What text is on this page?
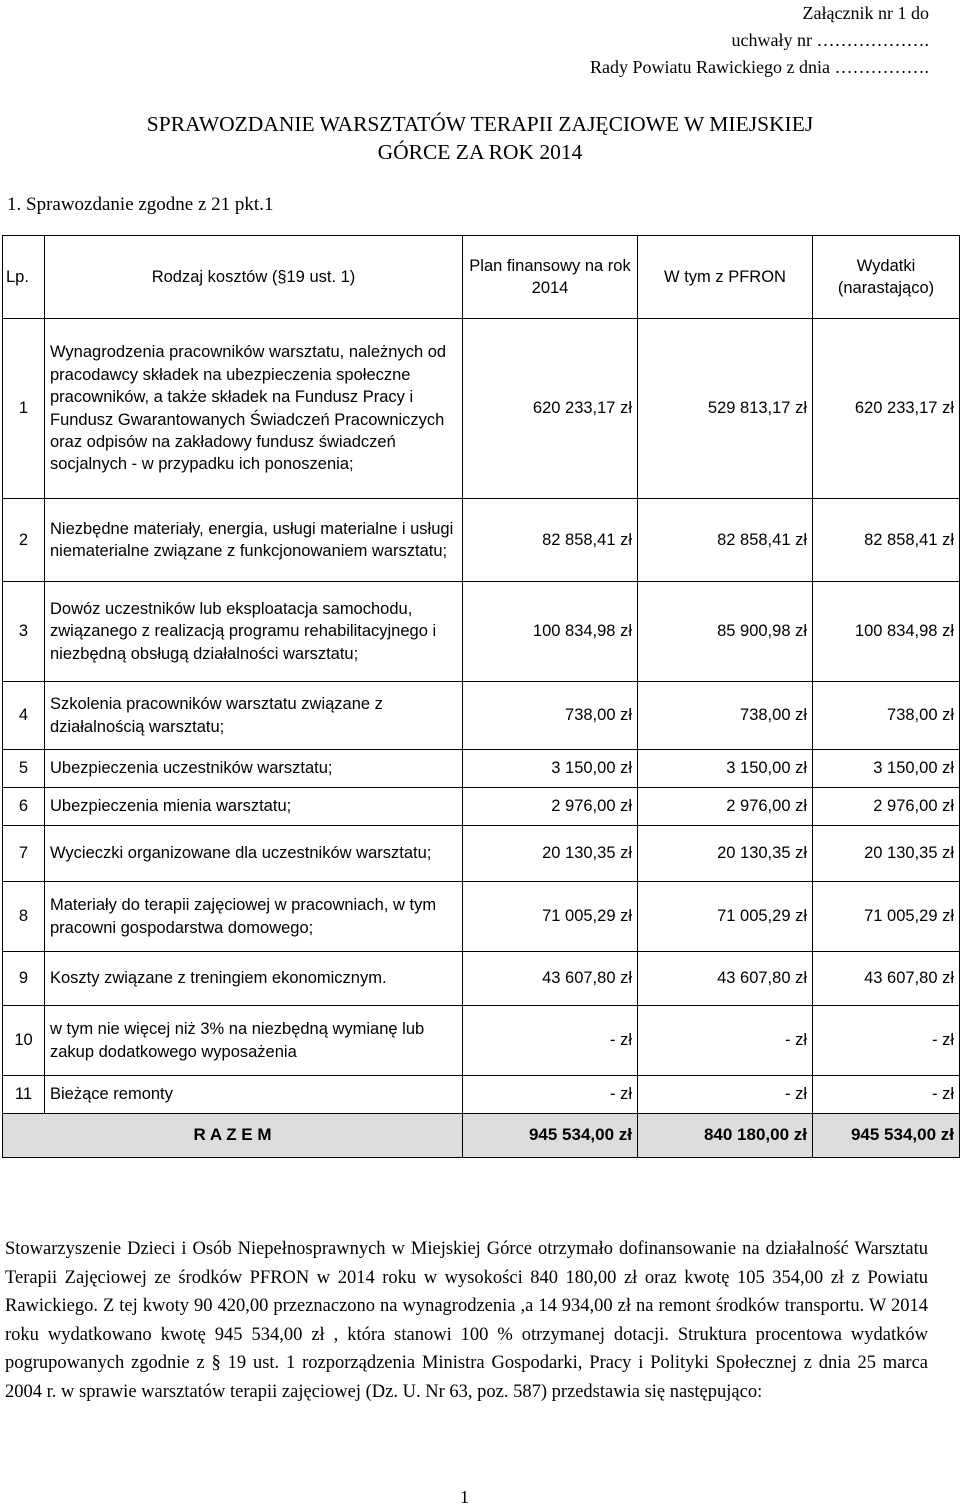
Załącznik nr 1 do
uchwały nr ……………….
Rady Powiatu Rawickiego z dnia …………….
SPRAWOZDANIE WARSZTATÓW TERAPII ZAJĘCIOWE W MIEJSKIEJ
GÓRCE ZA ROK 2014
1. Sprawozdanie zgodne z 21 pkt.1
Lp.	Rodzaj kosztów (§19 ust. 1)	Plan finansowy na rok 2014	W tym z PFRON	Wydatki (narastająco)
1	Wynagrodzenia pracowników warsztatu, należnych od pracodawcy składek na ubezpieczenia społeczne pracowników, a także składek na Fundusz Pracy i Fundusz Gwarantowanych Świadczeń Pracowniczych oraz odpisów na zakładowy fundusz świadczeń socjalnych - w przypadku ich ponoszenia;	620 233,17 zł	529 813,17 zł	620 233,17 zł
2	Niezbędne materiały, energia, usługi materialne i usługi niematerialne związane z funkcjonowaniem warsztatu;	82 858,41 zł	82 858,41 zł	82 858,41 zł
3	Dowóz uczestników lub eksploatacja samochodu, związanego z realizacją programu rehabilitacyjnego i niezbędną obsługą działalności warsztatu;	100 834,98 zł	85 900,98 zł	100 834,98 zł
4	Szkolenia pracowników warsztatu związane z działalnością warsztatu;	738,00 zł	738,00 zł	738,00 zł
5	Ubezpieczenia uczestników warsztatu;	3 150,00 zł	3 150,00 zł	3 150,00 zł
6	Ubezpieczenia mienia warsztatu;	2 976,00 zł	2 976,00 zł	2 976,00 zł
7	Wycieczki organizowane dla uczestników warsztatu;	20 130,35 zł	20 130,35 zł	20 130,35 zł
8	Materiały do terapii zajęciowej w pracowniach, w tym pracowni gospodarstwa domowego;	71 005,29 zł	71 005,29 zł	71 005,29 zł
9	Koszty związane z treningiem ekonomicznym.	43 607,80 zł	43 607,80 zł	43 607,80 zł
10	w tym nie więcej niż 3% na niezbędną wymianę lub zakup dodatkowego wyposażenia	- zł	- zł	- zł
11	Bieżące remonty	- zł	- zł	- zł
R A Z E M		945 534,00 zł	840 180,00 zł	945 534,00 zł
Stowarzyszenie Dzieci i Osób Niepełnosprawnych w Miejskiej Górce otrzymało dofinansowanie na działalność Warsztatu Terapii Zajęciowej ze środków PFRON w 2014 roku w wysokości 840 180,00 zł oraz kwotę 105 354,00 zł z Powiatu Rawickiego. Z tej kwoty 90 420,00 przeznaczono na wynagrodzenia ,a 14 934,00 zł na remont środków transportu. W 2014 roku wydatkowano kwotę 945 534,00 zł , która stanowi 100 % otrzymanej dotacji. Struktura procentowa wydatków pogrupowanych zgodnie z § 19 ust. 1 rozporządzenia Ministra Gospodarki, Pracy i Polityki Społecznej z dnia 25 marca 2004 r. w sprawie warsztatów terapii zajęciowej (Dz. U. Nr 63, poz. 587) przedstawia się następująco:
1
